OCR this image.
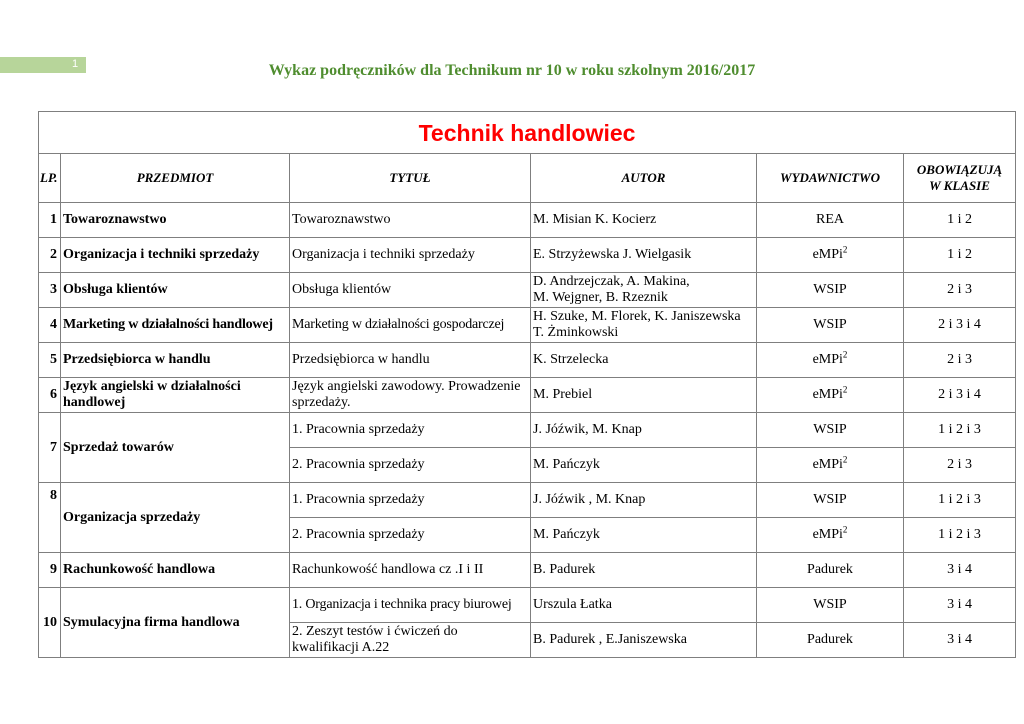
1	Wykaz podręczników dla Technikum nr 10 w roku szkolnym 2016/2017
Technik handlowiec					
LP.	PRZEDMIOT	TYTUŁ	AUTOR	WYDAWNICTWO	OBOWIĄZUJĄ
W KLASIE
1	Towaroznawstwo	Towaroznawstwo	M. Misian K. Kocierz	REA	1 i 2
2	Organizacja i techniki sprzedaży	Organizacja i techniki sprzedaży	E. Strzyżewska J. Wielgasik	eMPi$^2$	1 i 2
3	Obsługa klientów	Obsługa klientów	D. Andrzejczak, A. Makina,
M. Wejgner, B. Rzeznik	WSIP	2 i 3
4	Marketing w działalności handlowej	Marketing w działalności gospodarczej	H. Szuke, M. Florek, K. Janiszewska
T. Żminkowski	WSIP	2 i 3 i 4
5	Przedsiębiorca w handlu	Przedsiębiorca w handlu	K. Strzelecka	eMPi$^2$	2 i 3
6	Język angielski w działalności
handlowej	Język angielski zawodowy. Prowadzenie
sprzedaży.	M. Prebiel	eMPi$^2$	2 i 3 i 4
7	Sprzedaż towarów	1. Pracownia sprzedaży	J. Jóźwik, M. Knap	WSIP	1 i 2 i 3
		2. Pracownia sprzedaży	M. Pańczyk	eMPi$^2$	2 i 3
8	Organizacja sprzedaży	1. Pracownia sprzedaży	J. Jóźwik , M. Knap	WSIP	1 i 2 i 3
		2. Pracownia sprzedaży	M. Pańczyk	eMPi$^2$	1 i 2 i 3
9	Rachunkowość handlowa	Rachunkowość handlowa cz .I i II	B. Padurek	Padurek	3 i 4
10	Symulacyjna firma handlowa	1. Organizacja i technika pracy biurowej	Urszula Łatka	WSIP	3 i 4
		2. Zeszyt testów i ćwiczeń do
kwalifikacji A.22	B. Padurek , E.Janiszewska	Padurek	3 i 4
